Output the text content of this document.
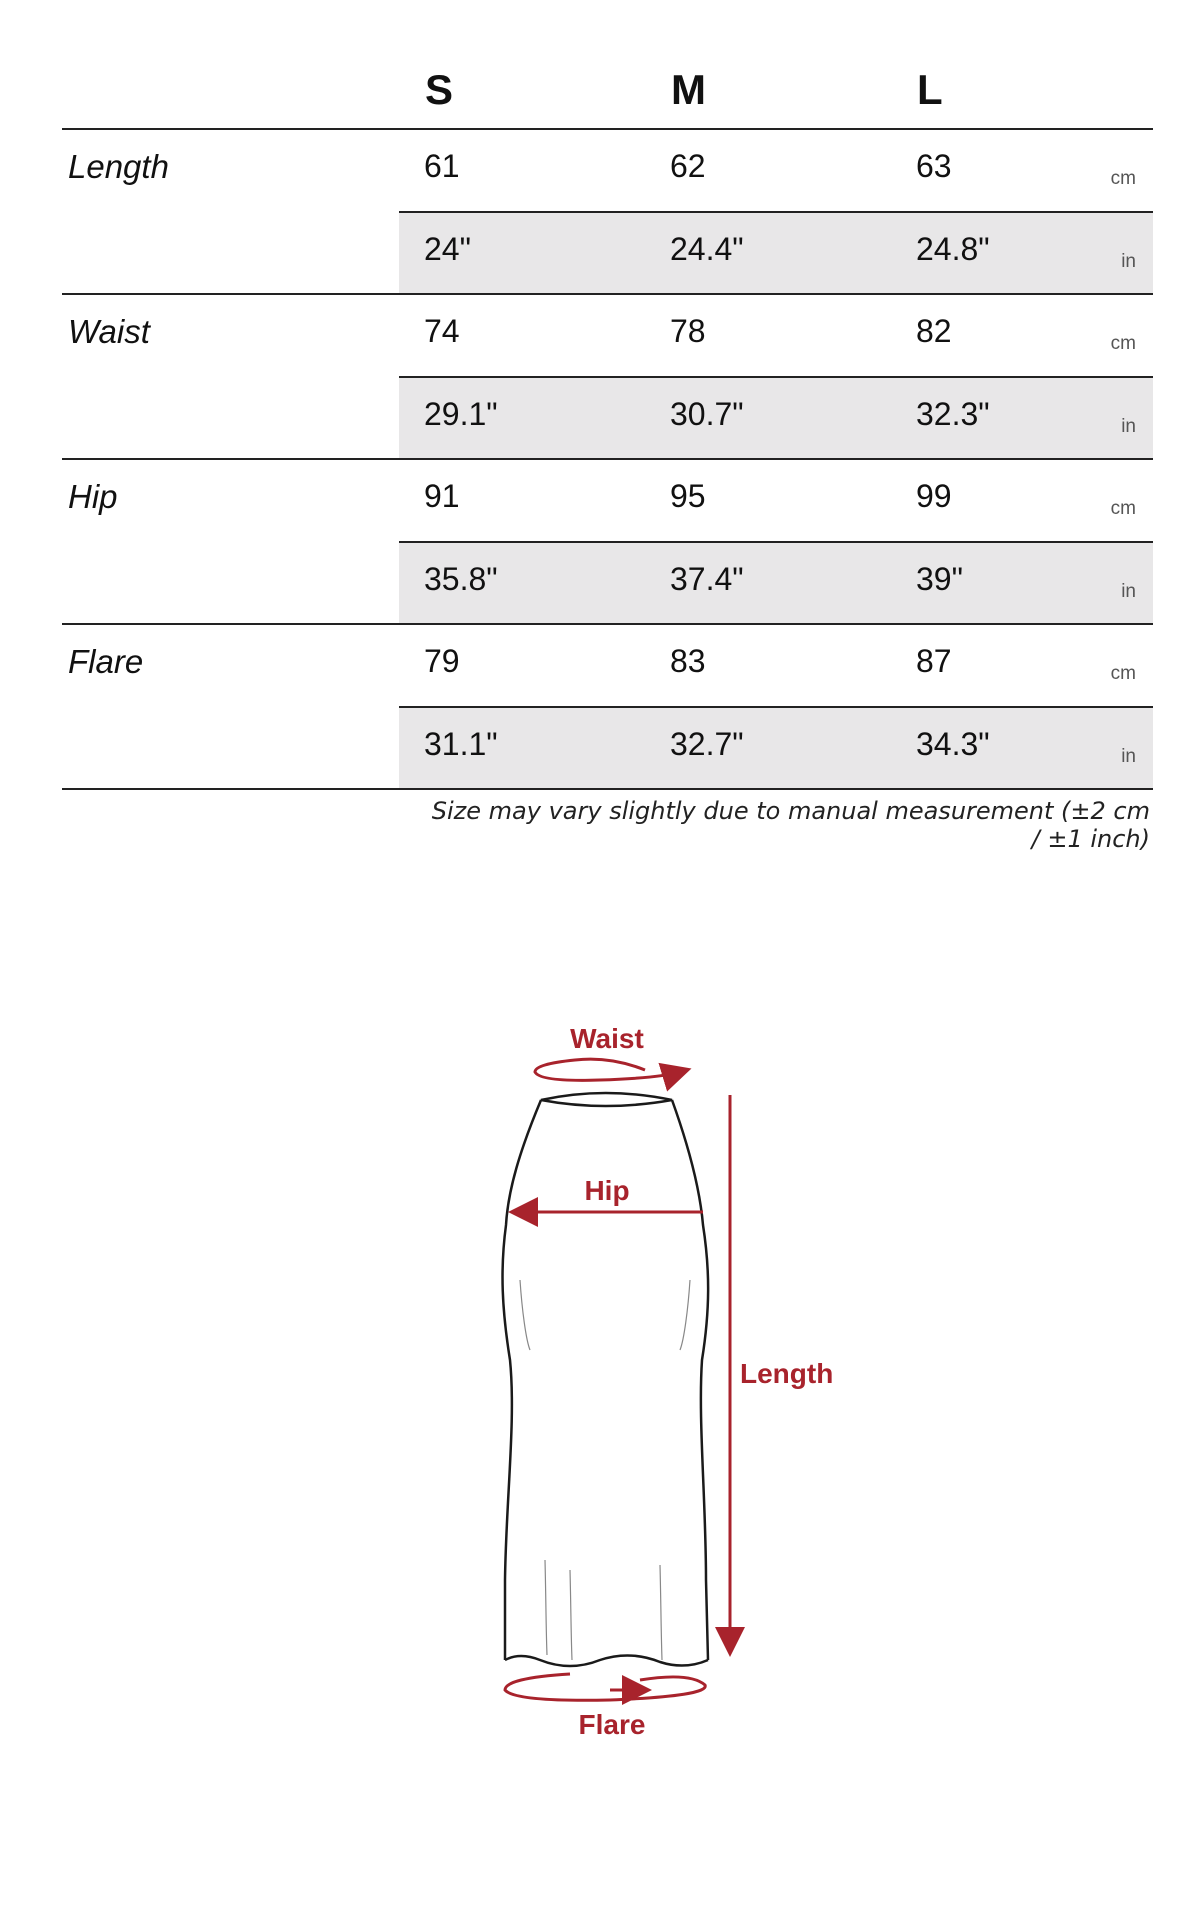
S	M	L
Length	61	62	63	cm
24"	24.4"	24.8"	in
Waist	74	78	82	cm
29.1"	30.7"	32.3"	in
Hip	91	95	99	cm
35.8"	37.4"	39"	in
Flare	79	83	87	cm
31.1"	32.7"	34.3"	in
Size may vary slightly due to manual measurement (±2 cm / ±1 inch)
Waist
Hip
Length
Flare
